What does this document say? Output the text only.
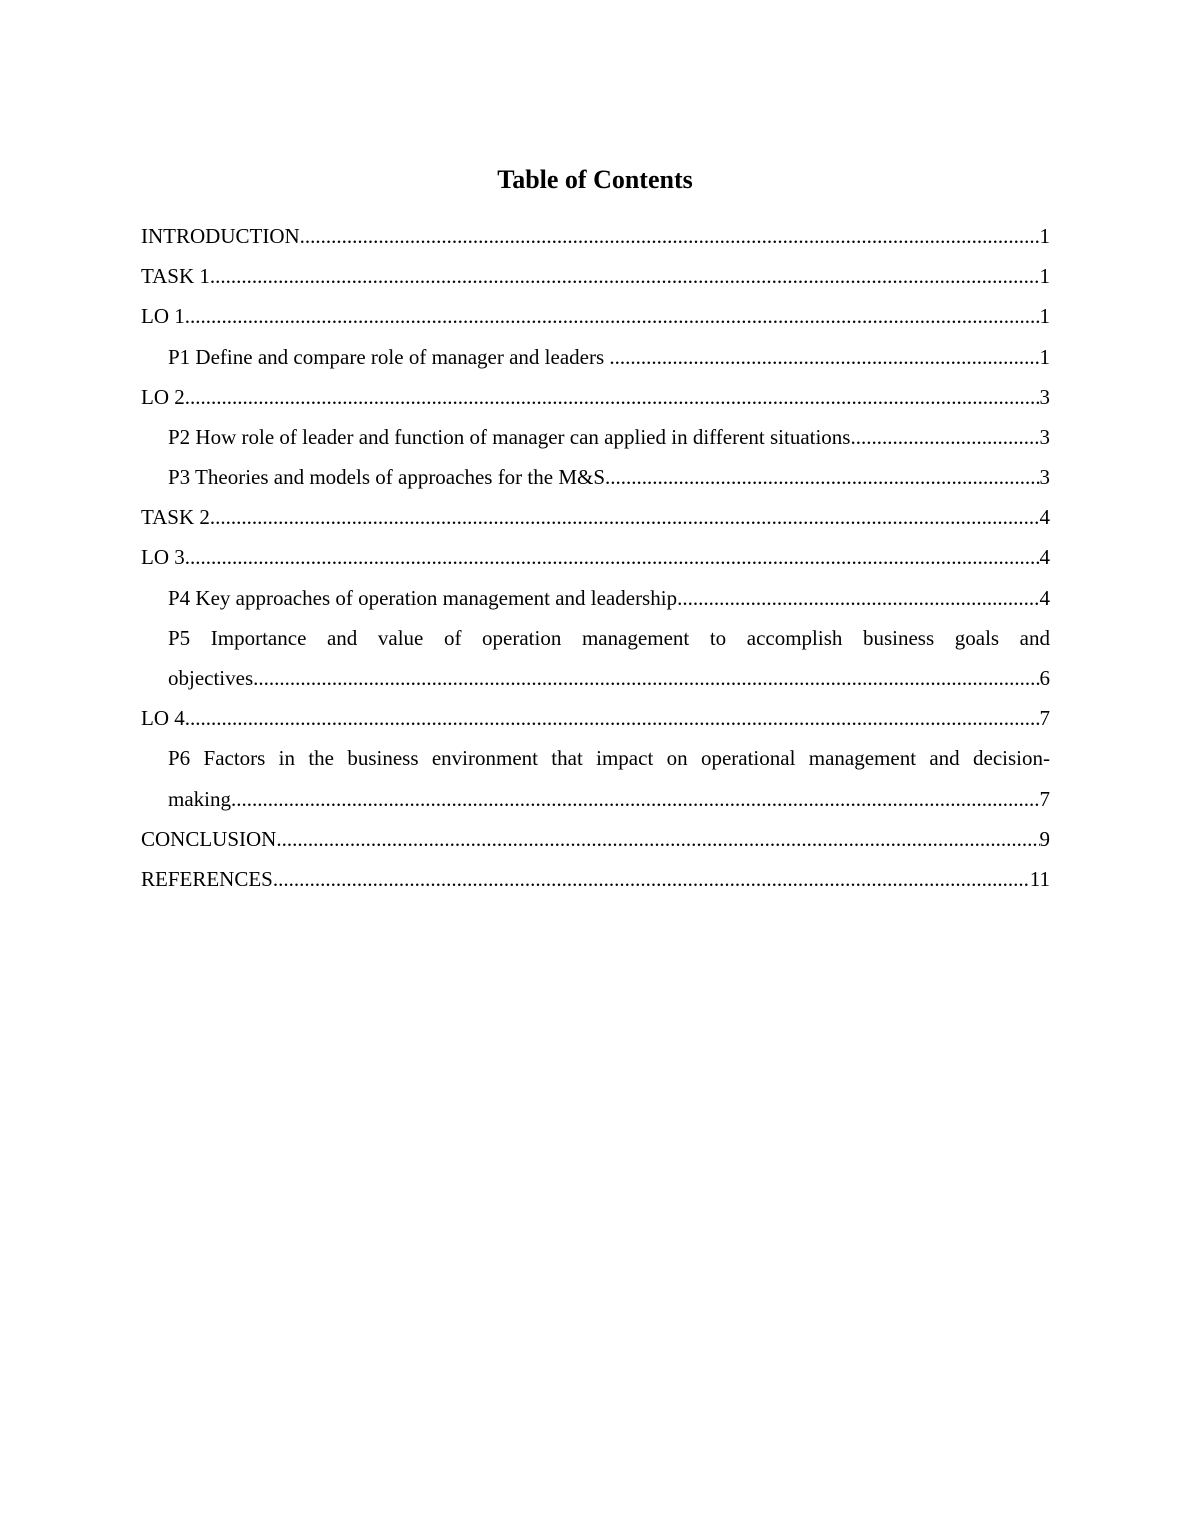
Table of Contents
INTRODUCTION .....	1
TASK 1 .....	1
LO 1 .....	1
P1 Define and compare role of manager and leaders .....	1
LO 2 .....	3
P2 How role of leader and function of manager can applied in different situations .....	3
P3 Theories and models of approaches for the M&S .....	3
TASK 2 .....	4
LO 3 .....	4
P4 Key approaches of operation management and leadership .....	4
P5 Importance and value of operation management to accomplish business goals and
objectives .....	6
LO 4 .....	7
P6 Factors in the business environment that impact on operational management and decision-
making .....	7
CONCLUSION .....	9
REFERENCES .....	11
